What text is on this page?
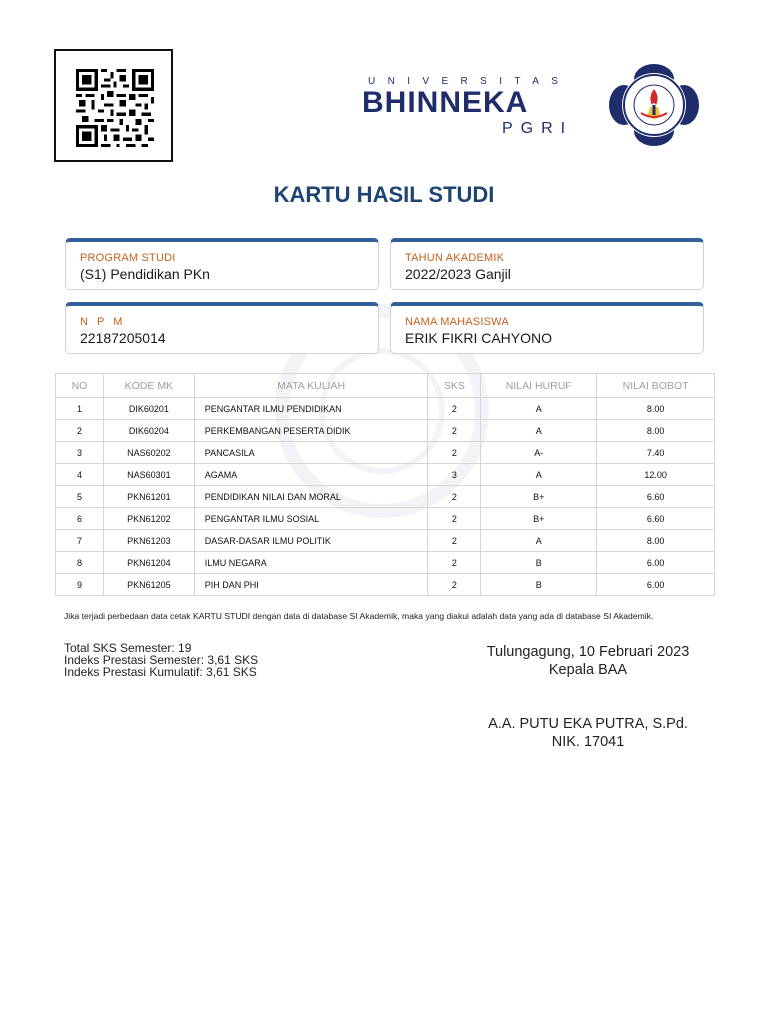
UNIVERSITAS
BHINNEKA
PGRI
KARTU HASIL STUDI
PROGRAM STUDI
(S1) Pendidikan PKn
TAHUN AKADEMIK
2022/2023 Ganjil
N P M
22187205014
NAMA MAHASISWA
ERIK FIKRI CAHYONO
NO	KODE MK	MATA KULIAH	SKS	NILAI HURUF	NILAI BOBOT
1	DIK60201	PENGANTAR ILMU PENDIDIKAN	2	A	8.00
2	DIK60204	PERKEMBANGAN PESERTA DIDIK	2	A	8.00
3	NAS60202	PANCASILA	2	A-	7.40
4	NAS60301	AGAMA	3	A	12.00
5	PKN61201	PENDIDIKAN NILAI DAN MORAL	2	B+	6.60
6	PKN61202	PENGANTAR ILMU SOSIAL	2	B+	6.60
7	PKN61203	DASAR-DASAR ILMU POLITIK	2	A	8.00
8	PKN61204	ILMU NEGARA	2	B	6.00
9	PKN61205	PIH DAN PHI	2	B	6.00
Jika terjadi perbedaan data cetak KARTU STUDI dengan data di database SI Akademik, maka yang diakui adalah data yang ada di database SI Akademik.
Total SKS Semester: 19
Indeks Prestasi Semester: 3,61 SKS
Indeks Prestasi Kumulatif: 3,61 SKS
Tulungagung, 10 Februari 2023
Kepala BAA
A.A. PUTU EKA PUTRA, S.Pd.
NIK. 17041
